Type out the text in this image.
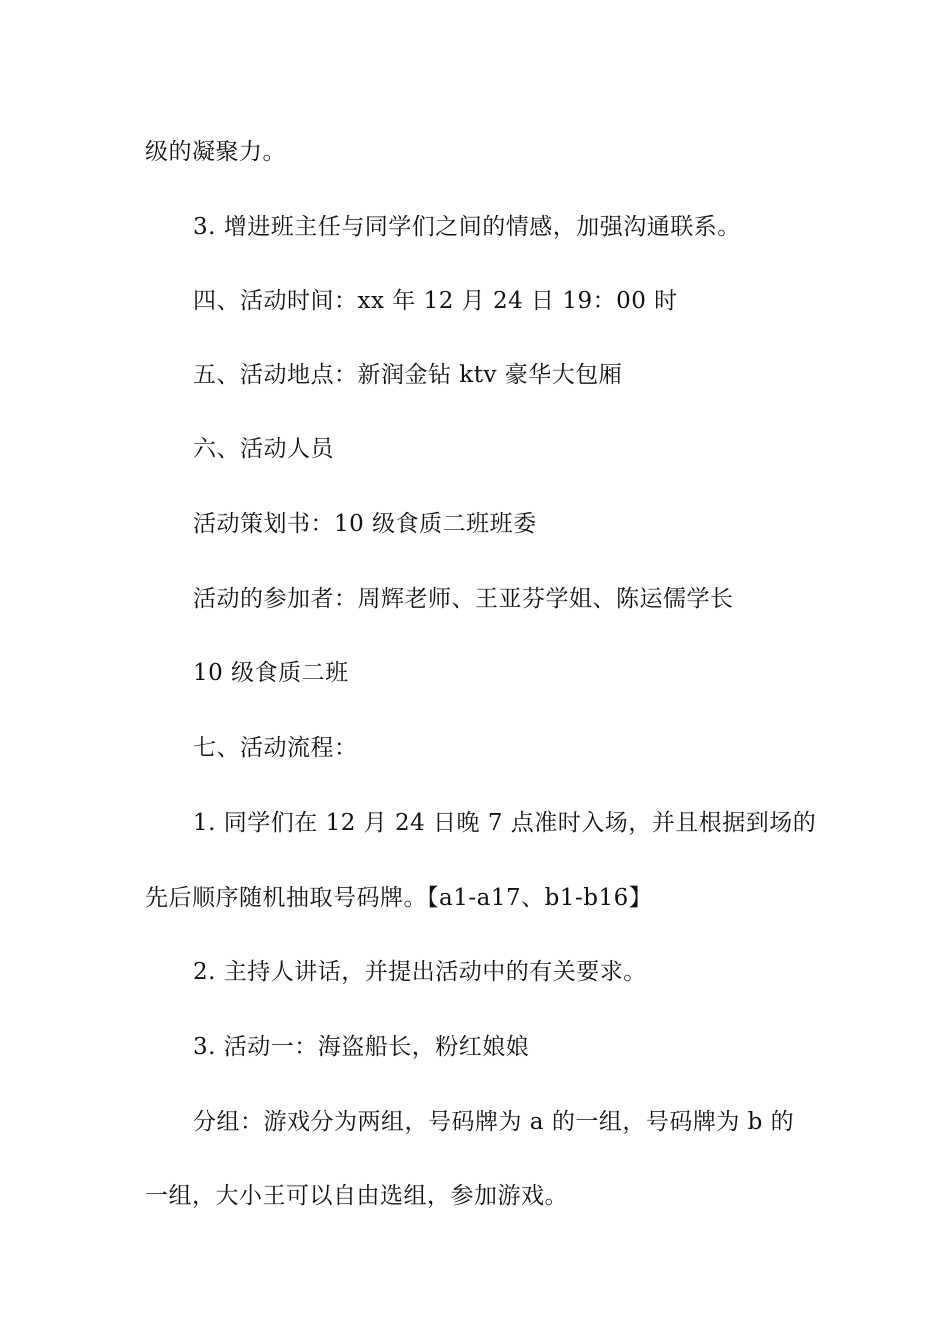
级的凝聚力。
3. 增进班主任与同学们之间的情感，加强沟通联系。
四、活动时间：xx 年 12 月 24 日 19：00 时
五、活动地点：新润金钻 ktv 豪华大包厢
六、活动人员
活动策划书：10 级食质二班班委
活动的参加者：周辉老师、王亚芬学姐、陈运儒学长
10 级食质二班
七、活动流程：
1. 同学们在 12 月 24 日晚 7 点准时入场，并且根据到场的
先后顺序随机抽取号码牌。【a1-a17、b1-b16】
2. 主持人讲话，并提出活动中的有关要求。
3. 活动一：海盗船长，粉红娘娘
分组：游戏分为两组，号码牌为 a 的一组，号码牌为 b 的
一组，大小王可以自由选组，参加游戏。
